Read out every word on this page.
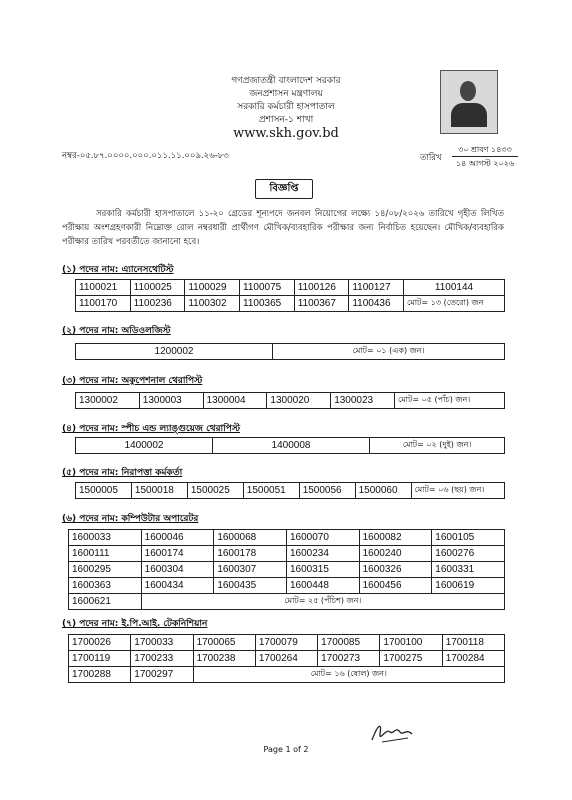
গণপ্রজাতন্ত্রী বাংলাদেশ সরকার
জনপ্রশাসন মন্ত্রণালয়
সরকারি কর্মচারী হাসপাতাল
প্রশাসন-১ শাখা
www.skh.gov.bd
নম্বর-০৫.৮৭.০০০০.০০০.০১১.১১.০০৯.২৬-৮৩	তারিখ
৩০ শ্রাবণ ১৪৩৩
১৪ আগস্ট ২০২৬
বিজ্ঞপ্তি
সরকারি কর্মচারী হাসপাতালে ১১-২০ গ্রেডের শূন্যপদে জনবল নিয়োগের লক্ষ্যে ১৪/০৮/২০২৬ তারিখে গৃহীত লিখিত পরীক্ষায় অংশগ্রহণকারী নিম্নোক্ত রোল নম্বরধারী প্রার্থীগণ মৌখিক/ব্যবহারিক পরীক্ষার জন্য নির্বাচিত হয়েছেন। মৌখিক/ব্যবহারিক পরীক্ষার তারিখ পরবর্তীতে জানানো হবে।
(১) পদের নাম: এ্যানেসথেটিস্ট
1100021	1100025	1100029	1100075	1100126	1100127	1100144
1100170	1100236	1100302	1100365	1100367	1100436	মোট= ১৩ (তেরো) জন
(২) পদের নাম: অডিওলজিস্ট
1200002	মোট= ০১ (এক) জন।
(৩) পদের নাম: অকুপেশনাল থেরাপিস্ট
1300002	1300003	1300004	1300020	1300023	মোট= ০৫ (পাঁচ) জন।
(৪) পদের নাম: স্পীচ এন্ড ল্যাঙ্গুয়েজ থেরাপিস্ট
1400002	1400008	মোট= ০২ (দুই) জন।
(৫) পদের নাম: নিরাপত্তা কর্মকর্তা
1500005	1500018	1500025	1500051	1500056	1500060	মোট= ০৬ (ছয়) জন।
(৬) পদের নাম: কম্পিউটার অপারেটর
1600033	1600046	1600068	1600070	1600082	1600105
1600111	1600174	1600178	1600234	1600240	1600276
1600295	1600304	1600307	1600315	1600326	1600331
1600363	1600434	1600435	1600448	1600456	1600619
1600621	মোট= ২৫ (পঁচিশ) জন।				
(৭) পদের নাম: ই.পি.আই. টেকনিশিয়ান
1700026	1700033	1700065	1700079	1700085	1700100	1700118
1700119	1700233	1700238	1700264	1700273	1700275	1700284
1700288	1700297	মোট= ১৬ (ষোল) জন।				
Page 1 of 2
